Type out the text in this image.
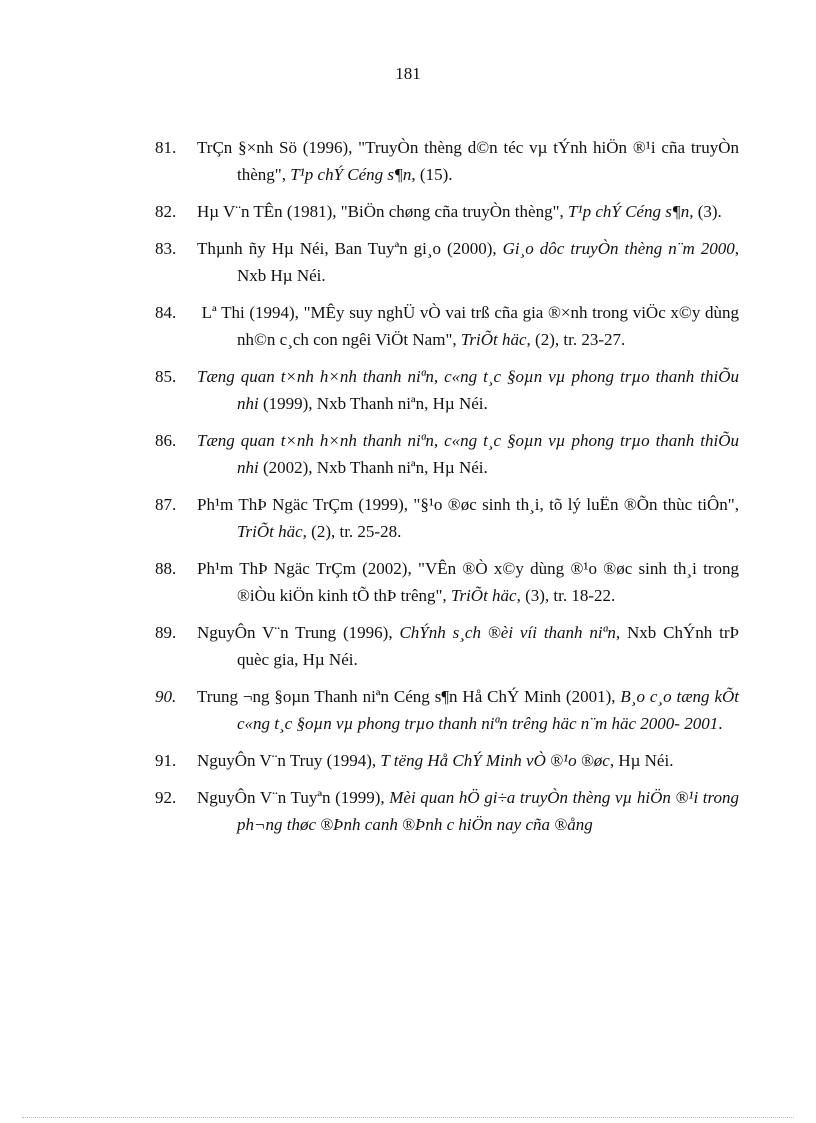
181
81. TrÇn §×nh Sö (1996), "TruyÒn thèng d©n téc vµ tÝnh hiÖn ®¹i cña truyÒn thèng", T¹p chÝ Céng s¶n, (15).
82. Hµ V¨n TÊn (1981), "BiÖn chøng cña truyÒn thèng", T¹p chÝ Céng s¶n, (3).
83. Thµnh ñy Hµ Néi, Ban Tuyªn gi¸o (2000), Gi¸o dôc truyÒn thèng n¨m 2000, Nxb Hµ Néi.
84. Lª Thi (1994), "MÊy suy nghÜ vÒ vai trß cña gia ®×nh trong viÖc x©y dùng nh©n c¸ch con ngêi ViÖt Nam", TriÕt häc, (2), tr. 23-27.
85. Tæng quan t×nh h×nh thanh niªn, c«ng t¸c §oµn vµ phong trµo thanh thiÕu nhi (1999), Nxb Thanh niªn, Hµ Néi.
86. Tæng quan t×nh h×nh thanh niªn, c«ng t¸c §oµn vµ phong trµo thanh thiÕu nhi (2002), Nxb Thanh niªn, Hµ Néi.
87. Ph¹m ThÞ Ngäc TrÇm (1999), "§¹o ®øc sinh th¸i, tõ lý luËn ®Õn thùc tiÔn", TriÕt häc, (2), tr. 25-28.
88. Ph¹m ThÞ Ngäc TrÇm (2002), "VÊn ®Ò x©y dùng ®¹o ®øc sinh th¸i trong ®iÒu kiÖn kinh tÕ thÞ trêng", TriÕt häc, (3), tr. 18-22.
89. NguyÔn V¨n Trung (1996), ChÝnh s¸ch ®èi víi thanh niªn, Nxb ChÝnh trÞ quèc gia, Hµ Néi.
90. Trung ¬ng §oµn Thanh niªn Céng s¶n Hå ChÝ Minh (2001), B¸o c¸o tæng kÕt c«ng t¸c §oµn vµ phong trµo thanh niªn trêng häc n¨m häc 2000- 2001.
91. NguyÔn V¨n Truy (1994), T tëng Hå ChÝ Minh vÒ ®¹o ®øc, Hµ Néi.
92. NguyÔn V¨n Tuyªn (1999), Mèi quan hÖ gi÷a truyÒn thèng vµ hiÖn ®¹i trong ph¬ng thøc ®Þnh canh ®Þnh c hiÖn nay cña ®ång
